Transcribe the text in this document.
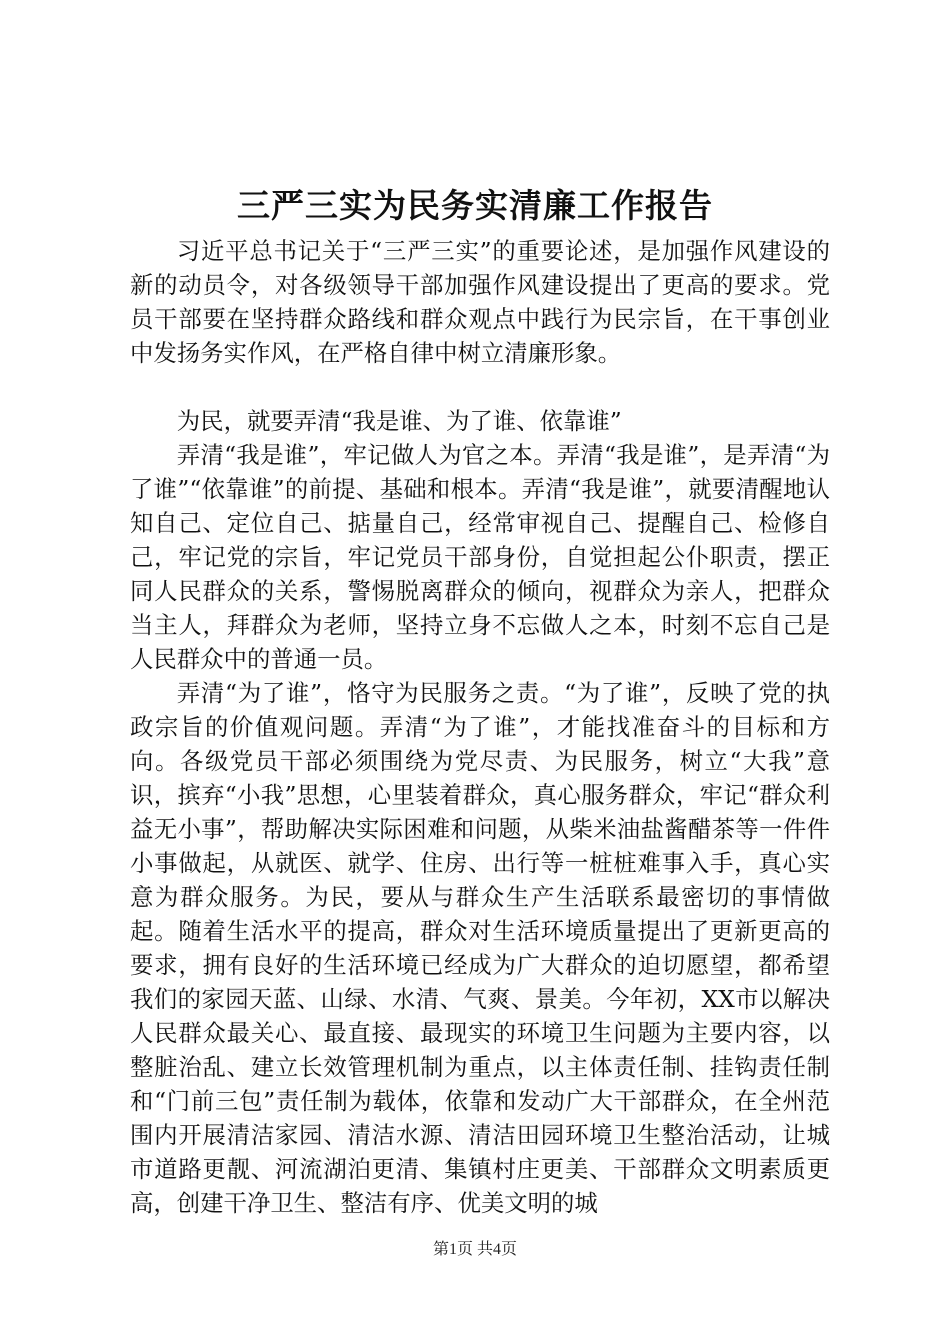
三严三实为民务实清廉工作报告

习近平总书记关于“三严三实”的重要论述，是加强作风建设的新的动员令，对各级领导干部加强作风建设提出了更高的要求。党员干部要在坚持群众路线和群众观点中践行为民宗旨，在干事创业中发扬务实作风，在严格自律中树立清廉形象。

为民，就要弄清“我是谁、为了谁、依靠谁”

弄清“我是谁”，牢记做人为官之本。弄清“我是谁”，是弄清“为了谁”“依靠谁”的前提、基础和根本。弄清“我是谁”，就要清醒地认知自己、定位自己、掂量自己，经常审视自己、提醒自己、检修自己，牢记党的宗旨，牢记党员干部身份，自觉担起公仆职责，摆正同人民群众的关系，警惕脱离群众的倾向，视群众为亲人，把群众当主人，拜群众为老师，坚持立身不忘做人之本，时刻不忘自己是人民群众中的普通一员。

弄清“为了谁”，恪守为民服务之责。“为了谁”，反映了党的执政宗旨的价值观问题。弄清“为了谁”，才能找准奋斗的目标和方向。各级党员干部必须围绕为党尽责、为民服务，树立“大我”意识，摈弃“小我”思想，心里装着群众，真心服务群众，牢记“群众利益无小事”，帮助解决实际困难和问题，从柴米油盐酱醋茶等一件件小事做起，从就医、就学、住房、出行等一桩桩难事入手，真心实意为群众服务。为民，要从与群众生产生活联系最密切的事情做起。随着生活水平的提高，群众对生活环境质量提出了更新更高的要求，拥有良好的生活环境已经成为广大群众的迫切愿望，都希望我们的家园天蓝、山绿、水清、气爽、景美。今年初，XX市以解决人民群众最关心、最直接、最现实的环境卫生问题为主要内容，以整脏治乱、建立长效管理机制为重点，以主体责任制、挂钩责任制和“门前三包”责任制为载体，依靠和发动广大干部群众，在全州范围内开展清洁家园、清洁水源、清洁田园环境卫生整治活动，让城市道路更靓、河流湖泊更清、集镇村庄更美、干部群众文明素质更高，创建干净卫生、整洁有序、优美文明的城

第1页 共4页
